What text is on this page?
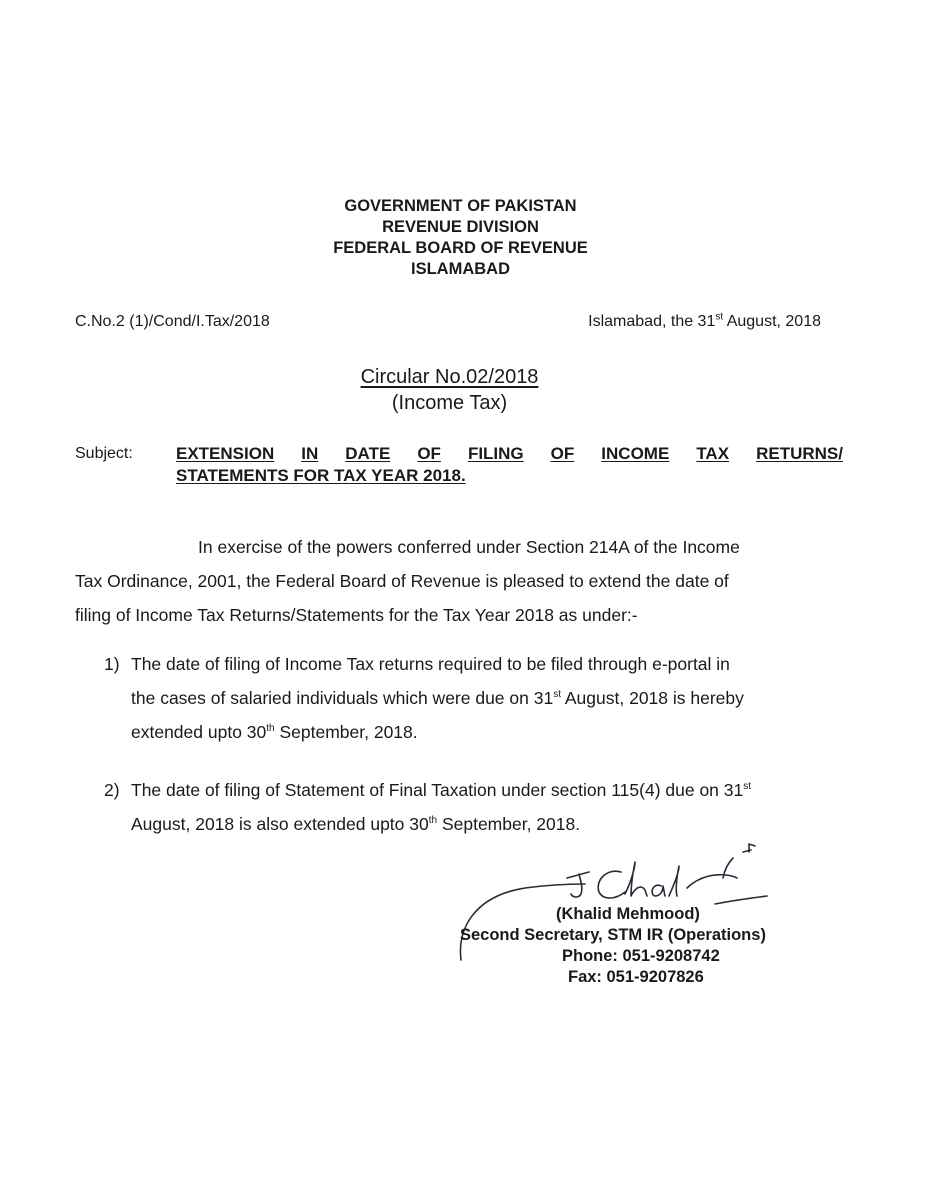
GOVERNMENT OF PAKISTAN
REVENUE DIVISION
FEDERAL BOARD OF REVENUE
ISLAMABAD
C.No.2 (1)/Cond/I.Tax/2018	Islamabad, the 31st August, 2018
Circular No.02/2018
(Income Tax)
Subject:	EXTENSION IN DATE OF FILING OF INCOME TAX RETURNS/
STATEMENTS FOR TAX YEAR 2018.
In exercise of the powers conferred under Section 214A of the Income
Tax Ordinance, 2001, the Federal Board of Revenue is pleased to extend the date of
filing of Income Tax Returns/Statements for the Tax Year 2018 as under:-
1) The date of filing of Income Tax returns required to be filed through e-portal in
the cases of salaried individuals which were due on 31st August, 2018 is hereby
extended upto 30th September, 2018.
2) The date of filing of Statement of Final Taxation under section 115(4) due on 31st
August, 2018 is also extended upto 30th September, 2018.
(Khalid Mehmood)
Second Secretary, STM IR (Operations)
Phone: 051-9208742
Fax: 051-9207826
